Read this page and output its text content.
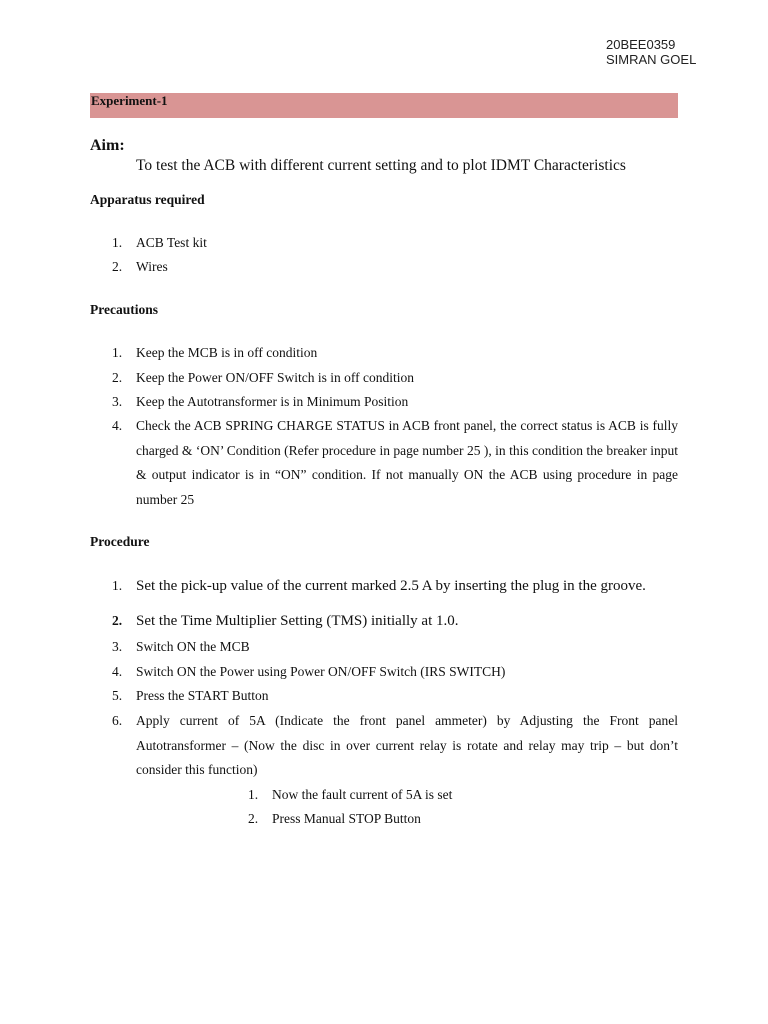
20BEE0359
SIMRAN GOEL
Experiment-1
Aim:
To test the ACB with different current setting and to plot IDMT Characteristics
Apparatus required
1. ACB Test kit
2. Wires
Precautions
1. Keep the MCB is in off condition
2. Keep the Power ON/OFF Switch is in off condition
3. Keep the Autotransformer is in Minimum Position
4. Check the ACB SPRING CHARGE STATUS in ACB front panel, the correct status is ACB is fully charged & ‘ON’ Condition (Refer procedure in page number 25 ), in this condition the breaker input & output indicator is in “ON” condition. If not manually ON the ACB using procedure in page number 25
Procedure
1. Set the pick-up value of the current marked 2.5 A by inserting the plug in the groove.
2. Set the Time Multiplier Setting (TMS) initially at 1.0.
3. Switch ON the MCB
4. Switch ON the Power using Power ON/OFF Switch (IRS SWITCH)
5. Press the START Button
6. Apply current of 5A (Indicate the front panel ammeter) by Adjusting the Front panel Autotransformer – (Now the disc in over current relay is rotate and relay may trip – but don’t consider this function)
1. Now the fault current of 5A is set
2. Press Manual STOP Button
